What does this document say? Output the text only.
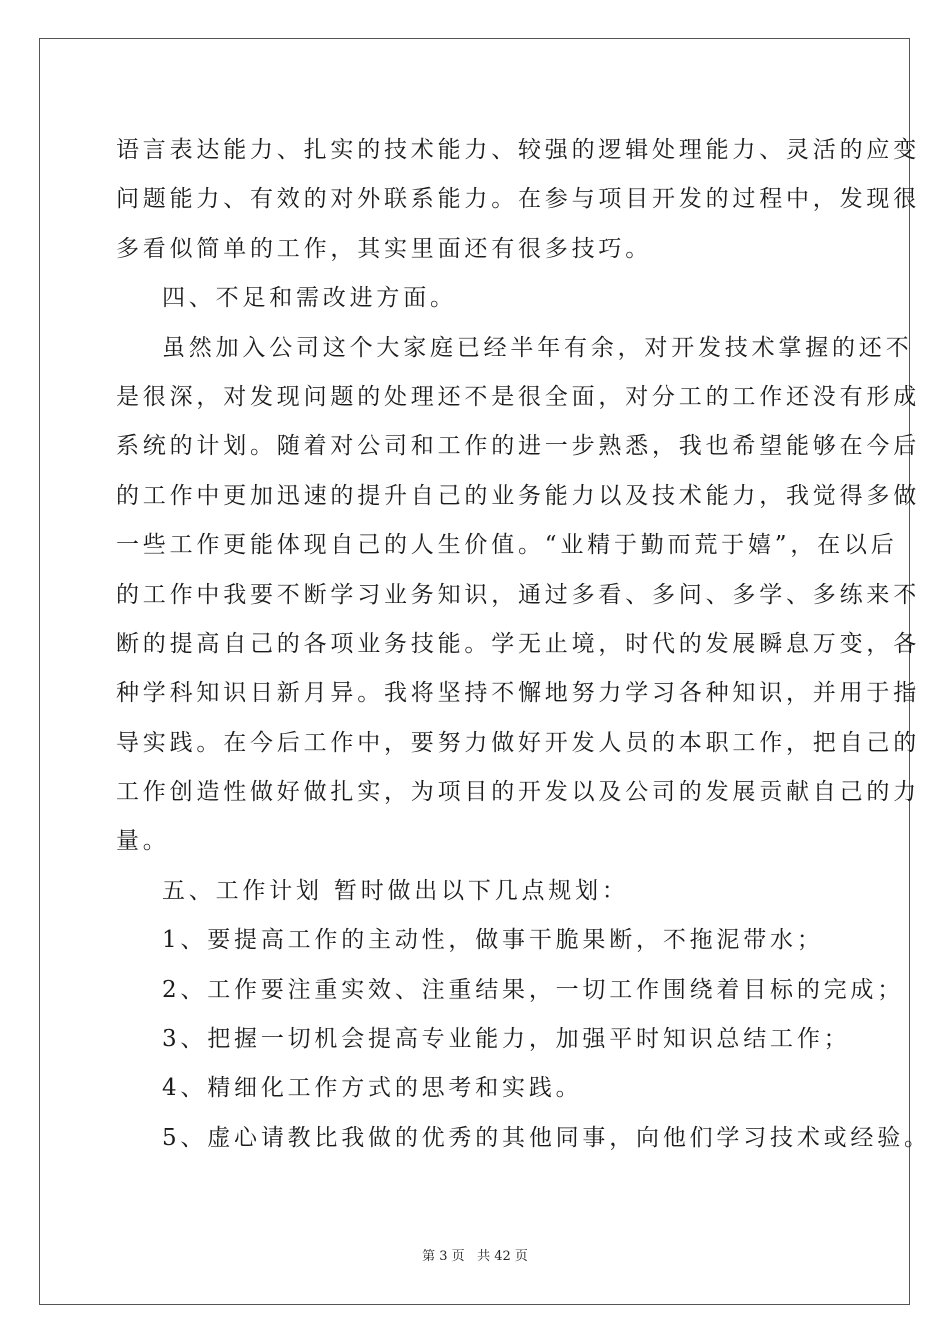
语言表达能力、扎实的技术能力、较强的逻辑处理能力、灵活的应变
问题能力、有效的对外联系能力。在参与项目开发的过程中，发现很
多看似简单的工作，其实里面还有很多技巧。
四、不足和需改进方面。
虽然加入公司这个大家庭已经半年有余，对开发技术掌握的还不
是很深，对发现问题的处理还不是很全面，对分工的工作还没有形成
系统的计划。随着对公司和工作的进一步熟悉，我也希望能够在今后
的工作中更加迅速的提升自己的业务能力以及技术能力，我觉得多做
一些工作更能体现自己的人生价值。“业精于勤而荒于嬉”，在以后
的工作中我要不断学习业务知识，通过多看、多问、多学、多练来不
断的提高自己的各项业务技能。学无止境，时代的发展瞬息万变，各
种学科知识日新月异。我将坚持不懈地努力学习各种知识，并用于指
导实践。在今后工作中，要努力做好开发人员的本职工作，把自己的
工作创造性做好做扎实，为项目的开发以及公司的发展贡献自己的力
量。
五、工作计划 暂时做出以下几点规划：
1、要提高工作的主动性，做事干脆果断，不拖泥带水；
2、工作要注重实效、注重结果，一切工作围绕着目标的完成；
3、把握一切机会提高专业能力，加强平时知识总结工作；
4、精细化工作方式的思考和实践。
5、虚心请教比我做的优秀的其他同事，向他们学习技术或经验。
第 3 页 共 42 页
